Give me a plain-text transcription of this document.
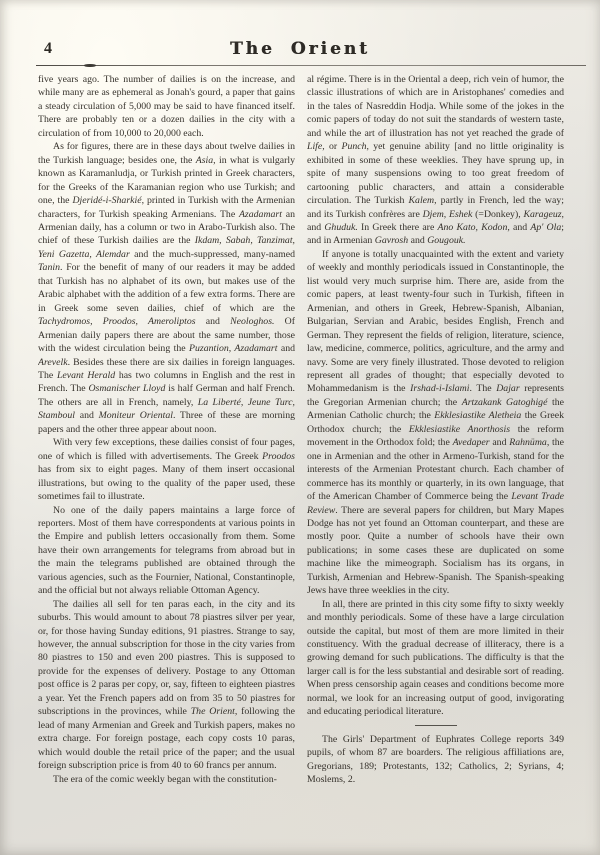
4	The Orient

five years ago. The number of dailies is on the increase, and while many are as ephemeral as Jonah's gourd, a paper that gains a steady circulation of 5,000 may be said to have financed itself. There are probably ten or a dozen dailies in the city with a circulation of from 10,000 to 20,000 each.

As for figures, there are in these days about twelve dailies in the Turkish language; besides one, the Asia, in what is vulgarly known as Karamanludja, or Turkish printed in Greek characters, for the Greeks of the Karamanian region who use Turkish; and one, the Djeridé-i-Sharkié, printed in Turkish with the Armenian characters, for Turkish speaking Armenians. The Azadamart an Armenian daily, has a column or two in Arabo-Turkish also. The chief of these Turkish dailies are the Ikdam, Sabah, Tanzimat, Yeni Gazetta, Alemdar and the much-suppressed, many-named Tanin. For the benefit of many of our readers it may be added that Turkish has no alphabet of its own, but makes use of the Arabic alphabet with the addition of a few extra forms. There are in Greek some seven dailies, chief of which are the Tachydromos, Proodos, Ameroliptos and Neologhos. Of Armenian daily papers there are about the same number, those with the widest circulation being the Puzantion, Azadamart and Arevelk. Besides these there are six dailies in foreign languages. The Levant Herald has two columns in English and the rest in French. The Osmanischer Lloyd is half German and half French. The others are all in French, namely, La Liberté, Jeune Turc, Stamboul and Moniteur Oriental. Three of these are morning papers and the other three appear about noon.

With very few exceptions, these dailies consist of four pages, one of which is filled with advertisements. The Greek Proodos has from six to eight pages. Many of them insert occasional illustrations, but owing to the quality of the paper used, these sometimes fail to illustrate.

No one of the daily papers maintains a large force of reporters. Most of them have correspondents at various points in the Empire and publish letters occasionally from them. Some have their own arrangements for telegrams from abroad but in the main the telegrams published are obtained through the various agencies, such as the Fournier, National, Constantinople, and the official but not always reliable Ottoman Agency.

The dailies all sell for ten paras each, in the city and its suburbs. This would amount to about 78 piastres silver per year, or, for those having Sunday editions, 91 piastres. Strange to say, however, the annual subscription for those in the city varies from 80 piastres to 150 and even 200 piastres. This is supposed to provide for the expenses of delivery. Postage to any Ottoman post office is 2 paras per copy, or, say, fifteen to eighteen piastres a year. Yet the French papers add on from 35 to 50 piastres for subscriptions in the provinces, while The Orient, following the lead of many Armenian and Greek and Turkish papers, makes no extra charge. For foreign postage, each copy costs 10 paras, which would double the retail price of the paper; and the usual foreign subscription price is from 40 to 60 francs per annum.

The era of the comic weekly began with the constitution-

al régime. There is in the Oriental a deep, rich vein of humor, the classic illustrations of which are in Aristophanes' comedies and in the tales of Nasreddin Hodja. While some of the jokes in the comic papers of today do not suit the standards of western taste, and while the art of illustration has not yet reached the grade of Life, or Punch, yet genuine ability [and no little originality is exhibited in some of these weeklies. They have sprung up, in spite of many suspensions owing to too great freedom of cartooning public characters, and attain a considerable circulation. The Turkish Kalem, partly in French, led the way; and its Turkish confrères are Djem, Eshek (=Donkey), Karageuz, and Ghuduk. In Greek there are Ano Kato, Kodon, and Ap' Ola; and in Armenian Gavrosh and Gougouk.

If anyone is totally unacquainted with the extent and variety of weekly and monthly periodicals issued in Constantinople, the list would very much surprise him. There are, aside from the comic papers, at least twenty-four such in Turkish, fifteen in Armenian, and others in Greek, Hebrew-Spanish, Albanian, Bulgarian, Servian and Arabic, besides English, French and German. They represent the fields of religion, literature, science, law, medicine, commerce, politics, agriculture, and the army and navy. Some are very finely illustrated. Those devoted to religion represent all grades of thought; that especially devoted to Mohammedanism is the Irshad-i-Islami. The Dajar represents the Gregorian Armenian church; the Artzakank Gatoghigé the Armenian Catholic church; the Ekklesiastike Aletheia the Greek Orthodox church; the Ekklesiastike Anorthosis the reform movement in the Orthodox fold; the Avedaper and Rahnüma, the one in Armenian and the other in Armeno-Turkish, stand for the interests of the Armenian Protestant church. Each chamber of commerce has its monthly or quarterly, in its own language, that of the American Chamber of Commerce being the Levant Trade Review. There are several papers for children, but Mary Mapes Dodge has not yet found an Ottoman counterpart, and these are mostly poor. Quite a number of schools have their own publications; in some cases these are duplicated on some machine like the mimeograph. Socialism has its organs, in Turkish, Armenian and Hebrew-Spanish. The Spanish-speaking Jews have three weeklies in the city.

In all, there are printed in this city some fifty to sixty weekly and monthly periodicals. Some of these have a large circulation outside the capital, but most of them are more limited in their constituency. With the gradual decrease of illiteracy, there is a growing demand for such publications. The difficulty is that the larger call is for the less substantial and desirable sort of reading. When press censorship again ceases and conditions become more normal, we look for an increasing output of good, invigorating and educating periodical literature.

The Girls' Department of Euphrates College reports 349 pupils, of whom 87 are boarders. The religious affiliations are, Gregorians, 189; Protestants, 132; Catholics, 2; Syrians, 4; Moslems, 2.
